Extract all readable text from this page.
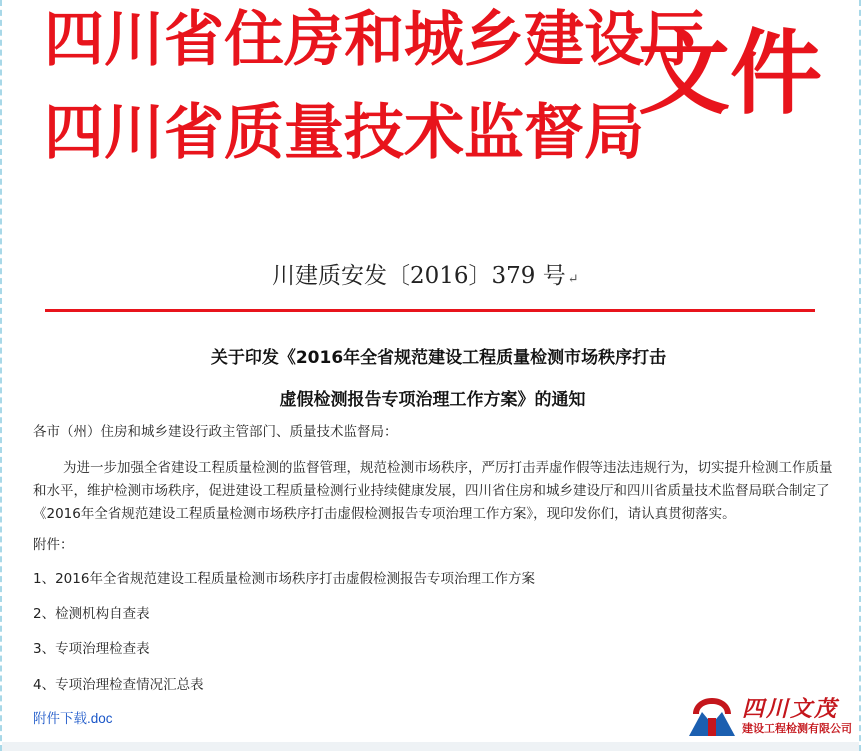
四川省住房和城乡建设厅
四川省质量技术监督局
文件
川建质安发〔2016〕379 号 ↵
关于印发《2016年全省规范建设工程质量检测市场秩序打击
虚假检测报告专项治理工作方案》的通知
各市（州）住房和城乡建设行政主管部门、质量技术监督局：
为进一步加强全省建设工程质量检测的监督管理，规范检测市场秩序，严厉打击弄虚作假等违法违规行为，切实提升检测工作质量和水平，维护检测市场秩序，促进建设工程质量检测行业持续健康发展，四川省住房和城乡建设厅和四川省质量技术监督局联合制定了《2016年全省规范建设工程质量检测市场秩序打击虚假检测报告专项治理工作方案》，现印发你们，请认真贯彻落实。
附件：
1、2016年全省规范建设工程质量检测市场秩序打击虚假检测报告专项治理工作方案
2、检测机构自查表
3、专项治理检查表
4、专项治理检查情况汇总表
附件下载.doc	四川文茂
建设工程检测有限公司
